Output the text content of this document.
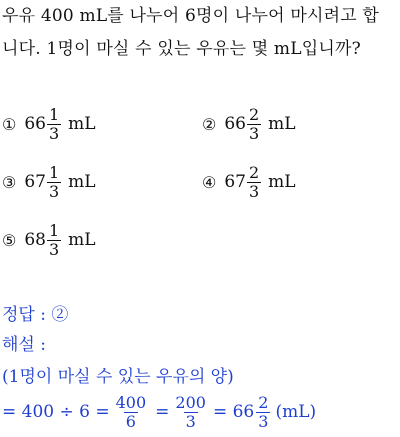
우유 400 mL를 나누어 6명이 나누어 마시려고 합
니다. 1명이 마실 수 있는 우유는 몇 mL입니까?
① $66 \frac{1}{3}$ mL	② $66 \frac{2}{3}$ mL
③ $67 \frac{1}{3}$ mL	④ $67 \frac{2}{3}$ mL
⑤ $68 \frac{1}{3}$ mL
정답 : ②
해설 :
(1명이 마실 수 있는 우유의 양)
= $400 \div 6 = \frac{400}{6} = \frac{200}{3} = 66 \frac{2}{3} (mL)$
